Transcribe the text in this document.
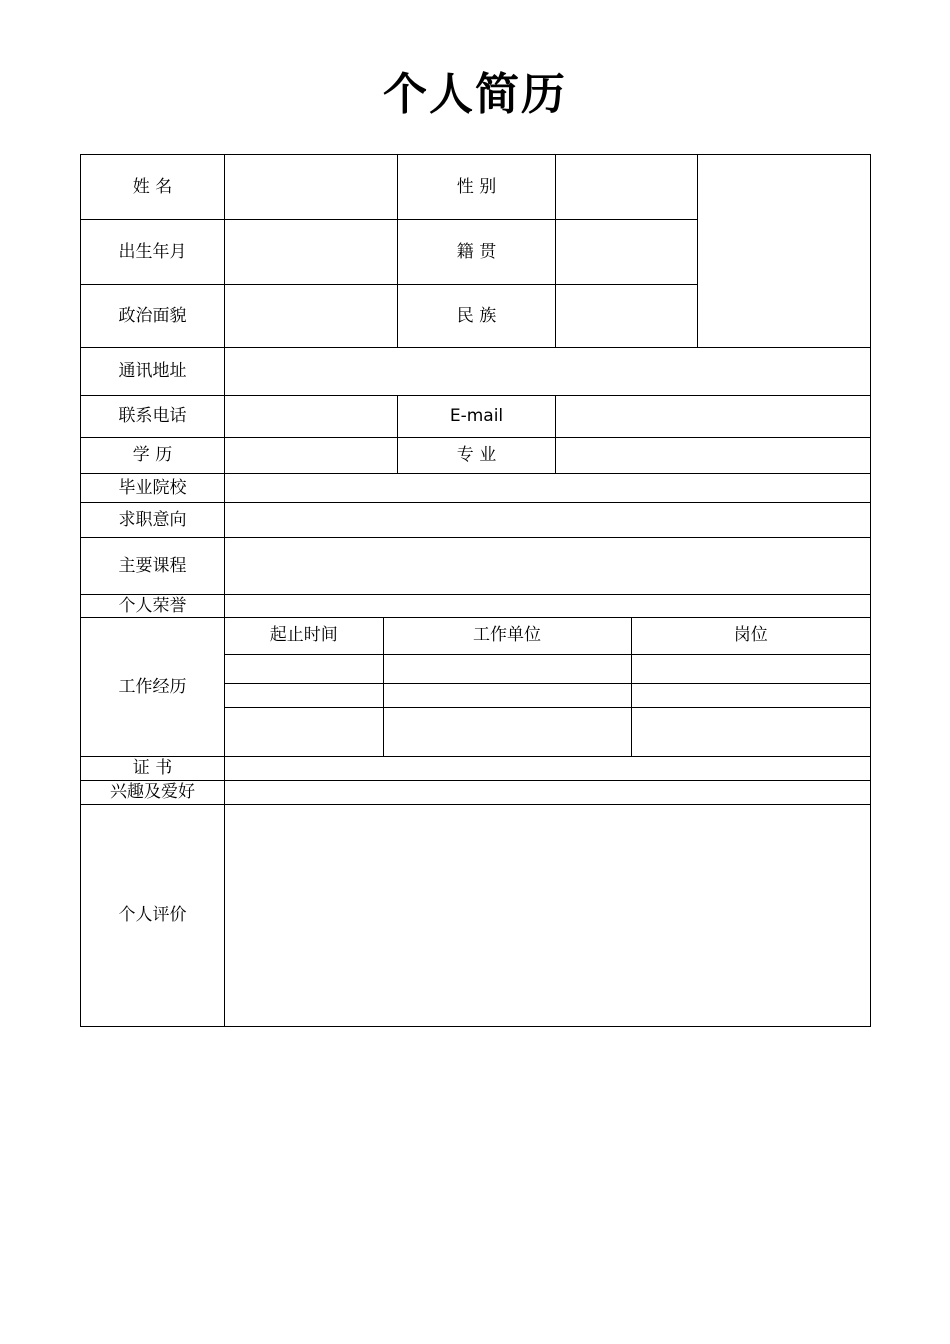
个人简历
姓 名		性 别		
出生年月		籍 贯	
政治面貌		民 族	
通讯地址	
联系电话		E-mail	
学 历		专 业	
毕业院校	
求职意向	
主要课程	
个人荣誉	
工作经历	
起止时间	工作单位	岗位

证 书	
兴趣及爱好	
个人评价	
